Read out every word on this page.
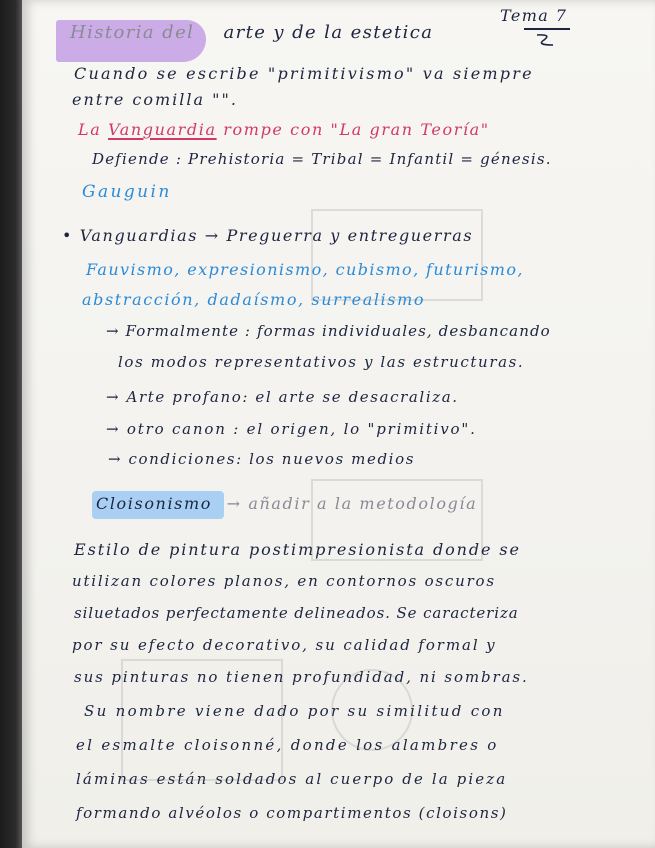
Historia del arte y de la estetica
Tema 7
Cuando se escribe "primitivismo" va siempre
entre comilla "".
La Vanguardia rompe con "La gran Teoría"
Defiende : Prehistoria = Tribal = Infantil = génesis.
Gauguin
• Vanguardias → Preguerra y entreguerras
Fauvismo, expresionismo, cubismo, futurismo,
abstracción, dadaísmo, surrealismo
→ Formalmente : formas individuales, desbancando
los modos representativos y las estructuras.
→ Arte profano: el arte se desacraliza.
→ otro canon : el origen, lo "primitivo".
→ condiciones: los nuevos medios
Cloisonismo → añadir a la metodología
Estilo de pintura postimpresionista donde se
utilizan colores planos, en contornos oscuros
siluetados perfectamente delineados. Se caracteriza
por su efecto decorativo, su calidad formal y
sus pinturas no tienen profundidad, ni sombras.
Su nombre viene dado por su similitud con
el esmalte cloisonné, donde los alambres o
láminas están soldados al cuerpo de la pieza
formando alvéolos o compartimentos (cloisons)
